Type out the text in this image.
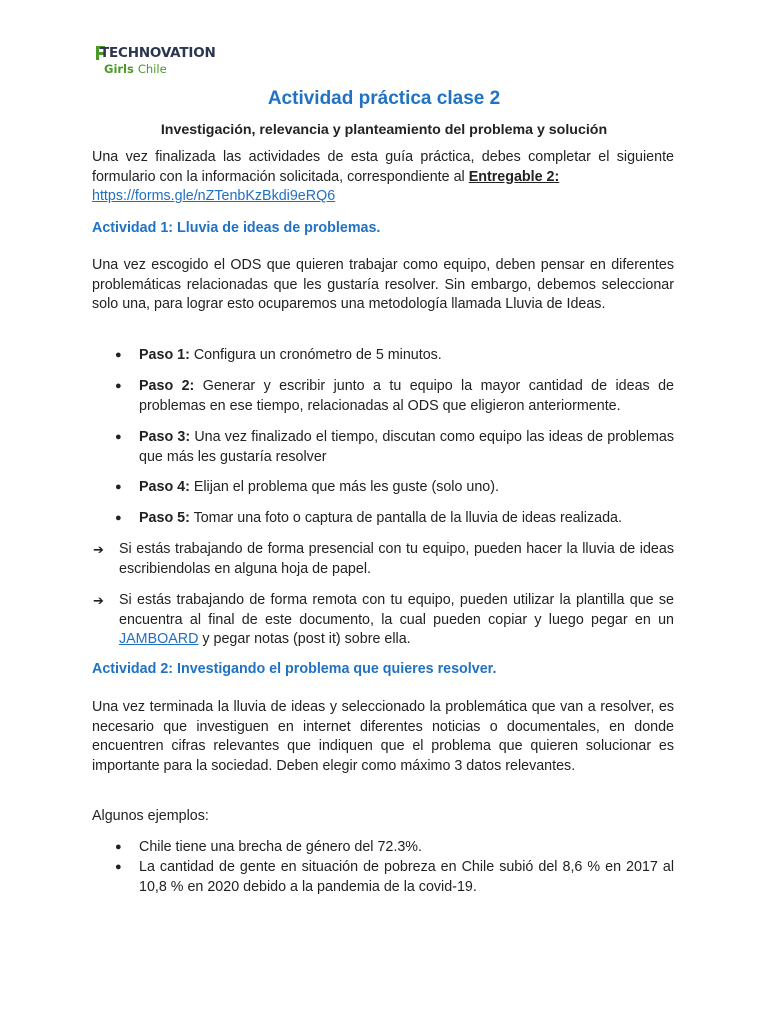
TECHNOVATION
Girls Chile
Actividad práctica clase 2
Investigación, relevancia y planteamiento del problema y solución
Una vez finalizada las actividades de esta guía práctica, debes completar el siguiente formulario con la información solicitada, correspondiente al Entregable 2:
https://forms.gle/nZTenbKzBkdi9eRQ6
Actividad 1: Lluvia de ideas de problemas.
Una vez escogido el ODS que quieren trabajar como equipo, deben pensar en diferentes problemáticas relacionadas que les gustaría resolver. Sin embargo, debemos seleccionar solo una, para lograr esto ocuparemos una metodología llamada Lluvia de Ideas.
● Paso 1: Configura un cronómetro de 5 minutos.
● Paso 2: Generar y escribir junto a tu equipo la mayor cantidad de ideas de problemas en ese tiempo, relacionadas al ODS que eligieron anteriormente.
● Paso 3: Una vez finalizado el tiempo, discutan como equipo las ideas de problemas que más les gustaría resolver
● Paso 4: Elijan el problema que más les guste (solo uno).
● Paso 5: Tomar una foto o captura de pantalla de la lluvia de ideas realizada.
➔ Si estás trabajando de forma presencial con tu equipo, pueden hacer la lluvia de ideas escribiendolas en alguna hoja de papel.
➔ Si estás trabajando de forma remota con tu equipo, pueden utilizar la plantilla que se encuentra al final de este documento, la cual pueden copiar y luego pegar en un JAMBOARD y pegar notas (post it) sobre ella.
Actividad 2: Investigando el problema que quieres resolver.
Una vez terminada la lluvia de ideas y seleccionado la problemática que van a resolver, es necesario que investiguen en internet diferentes noticias o documentales, en donde encuentren cifras relevantes que indiquen que el problema que quieren solucionar es importante para la sociedad. Deben elegir como máximo 3 datos relevantes.
Algunos ejemplos:
● Chile tiene una brecha de género del 72.3%.
● La cantidad de gente en situación de pobreza en Chile subió del 8,6 % en 2017 al 10,8 % en 2020 debido a la pandemia de la covid-19.
